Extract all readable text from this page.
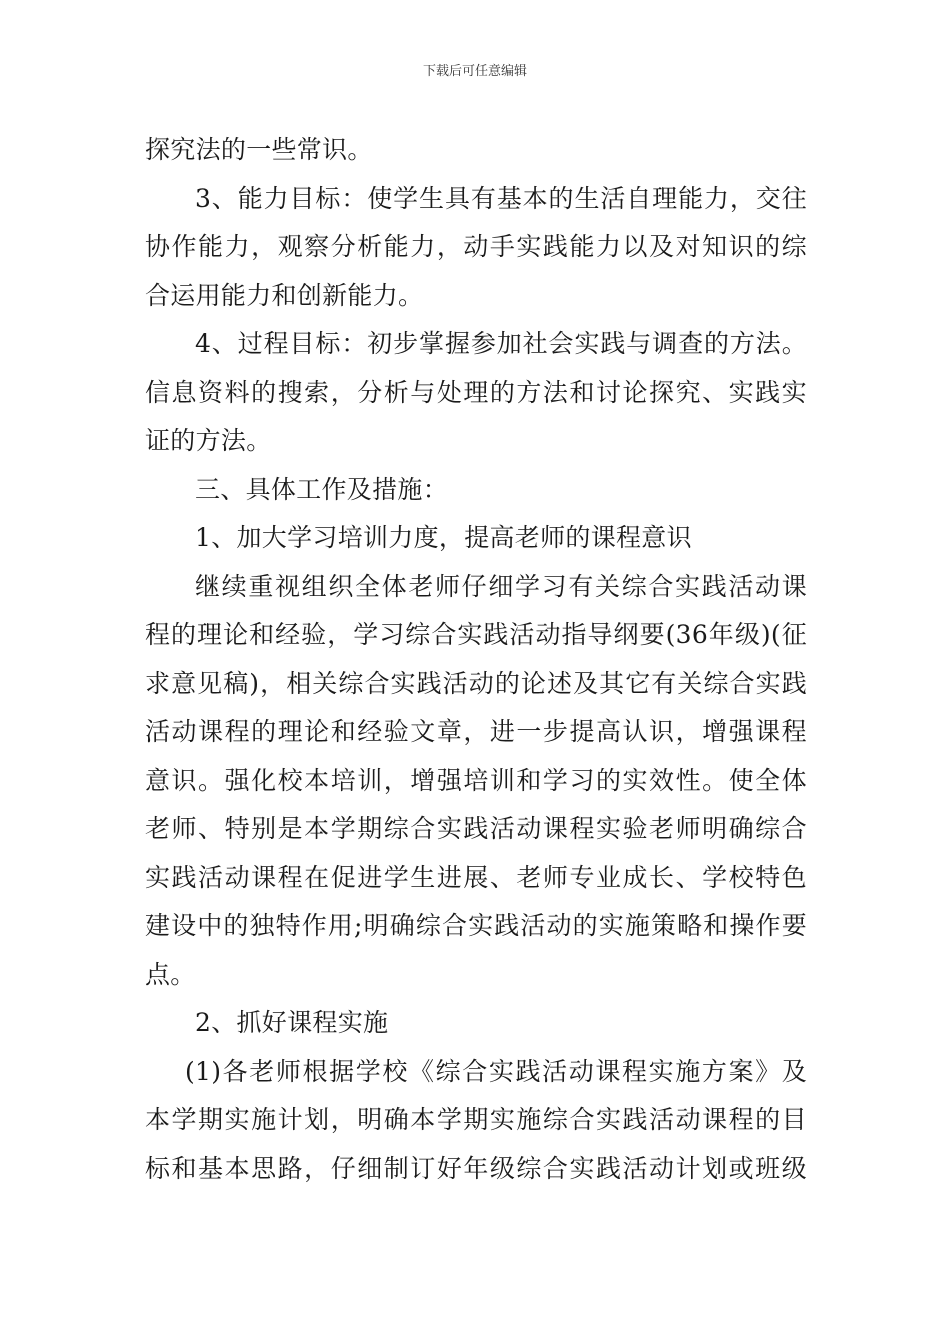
下载后可任意编辑
探究法的一些常识。
3、能力目标：使学生具有基本的生活自理能力，交往
协作能力，观察分析能力，动手实践能力以及对知识的综
合运用能力和创新能力。
4、过程目标：初步掌握参加社会实践与调查的方法。
信息资料的搜索，分析与处理的方法和讨论探究、实践实
证的方法。
三、具体工作及措施：
1、加大学习培训力度，提高老师的课程意识
继续重视组织全体老师仔细学习有关综合实践活动课
程的理论和经验，学习综合实践活动指导纲要(36年级)(征
求意见稿)，相关综合实践活动的论述及其它有关综合实践
活动课程的理论和经验文章，进一步提高认识，增强课程
意识。强化校本培训，增强培训和学习的实效性。使全体
老师、特别是本学期综合实践活动课程实验老师明确综合
实践活动课程在促进学生进展、老师专业成长、学校特色
建设中的独特作用;明确综合实践活动的实施策略和操作要
点。
2、抓好课程实施
(1)各老师根据学校《综合实践活动课程实施方案》及
本学期实施计划，明确本学期实施综合实践活动课程的目
标和基本思路，仔细制订好年级综合实践活动计划或班级
